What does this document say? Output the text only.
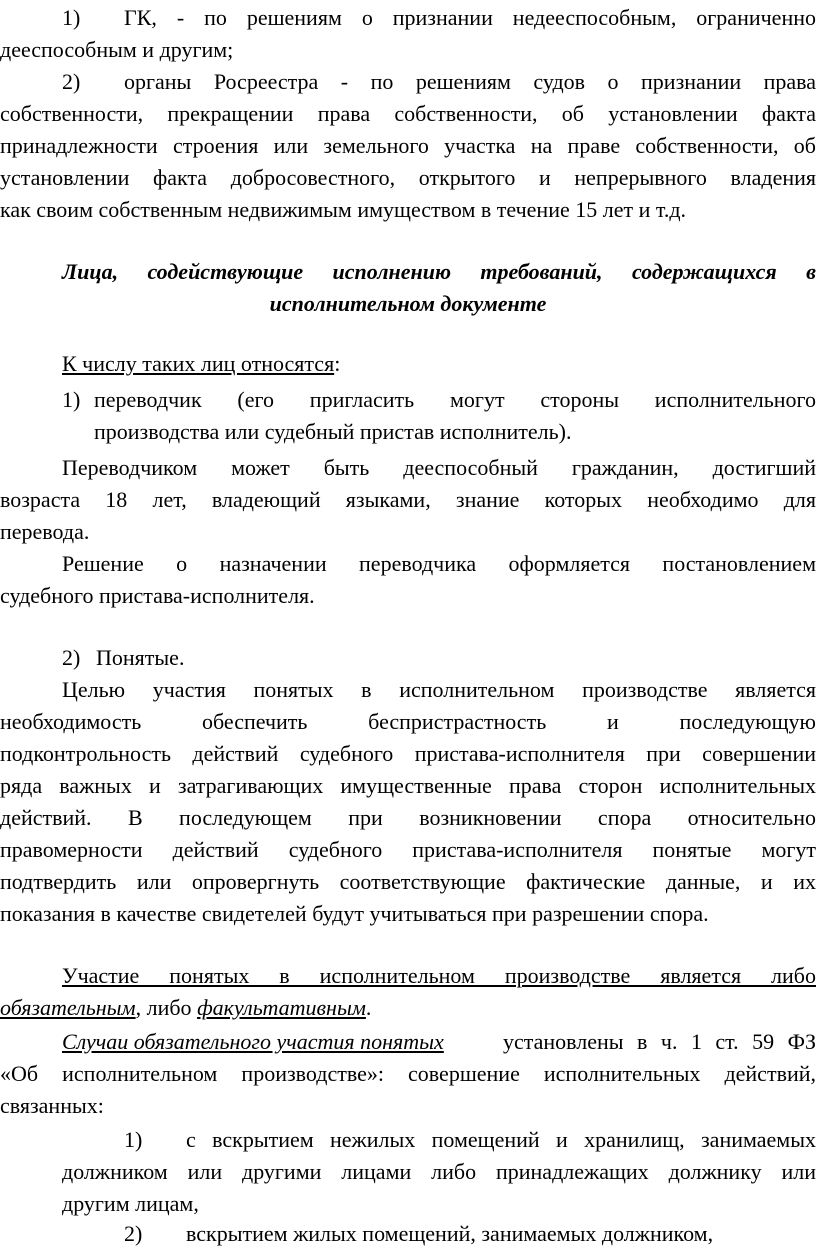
1) ГК, - по решениям о признании недееспособным, ограниченно
дееспособным и другим;
2) органы Росреестра - по решениям судов о признании права
собственности, прекращении права собственности, об установлении факта
принадлежности строения или земельного участка на праве собственности, об
установлении факта добросовестного, открытого и непрерывного владения
как своим собственным недвижимым имуществом в течение 15 лет и т.д.
Лица, содействующие исполнению требований, содержащихся в
исполнительном документе
К числу таких лиц относятся:
1) переводчик (его пригласить могут стороны исполнительного
производства или судебный пристав исполнитель).
Переводчиком может быть дееспособный гражданин, достигший
возраста 18 лет, владеющий языками, знание которых необходимо для
перевода.
Решение о назначении переводчика оформляется постановлением
судебного пристава-исполнителя.
2) Понятые.
Целью участия понятых в исполнительном производстве является
необходимость обеспечить беспристрастность и последующую
подконтрольность действий судебного пристава-исполнителя при совершении
ряда важных и затрагивающих имущественные права сторон исполнительных
действий. В последующем при возникновении спора относительно
правомерности действий судебного пристава-исполнителя понятые могут
подтвердить или опровергнуть соответствующие фактические данные, и их
показания в качестве свидетелей будут учитываться при разрешении спора.
Участие понятых в исполнительном производстве является либо
обязательным, либо факультативным.
Случаи обязательного участия понятых	установлены в ч. 1 ст. 59 ФЗ
«Об исполнительном производстве»: совершение исполнительных действий,
связанных:
1) с вскрытием нежилых помещений и хранилищ, занимаемых
должником или другими лицами либо принадлежащих должнику или
другим лицам,
2) вскрытием жилых помещений, занимаемых должником,
